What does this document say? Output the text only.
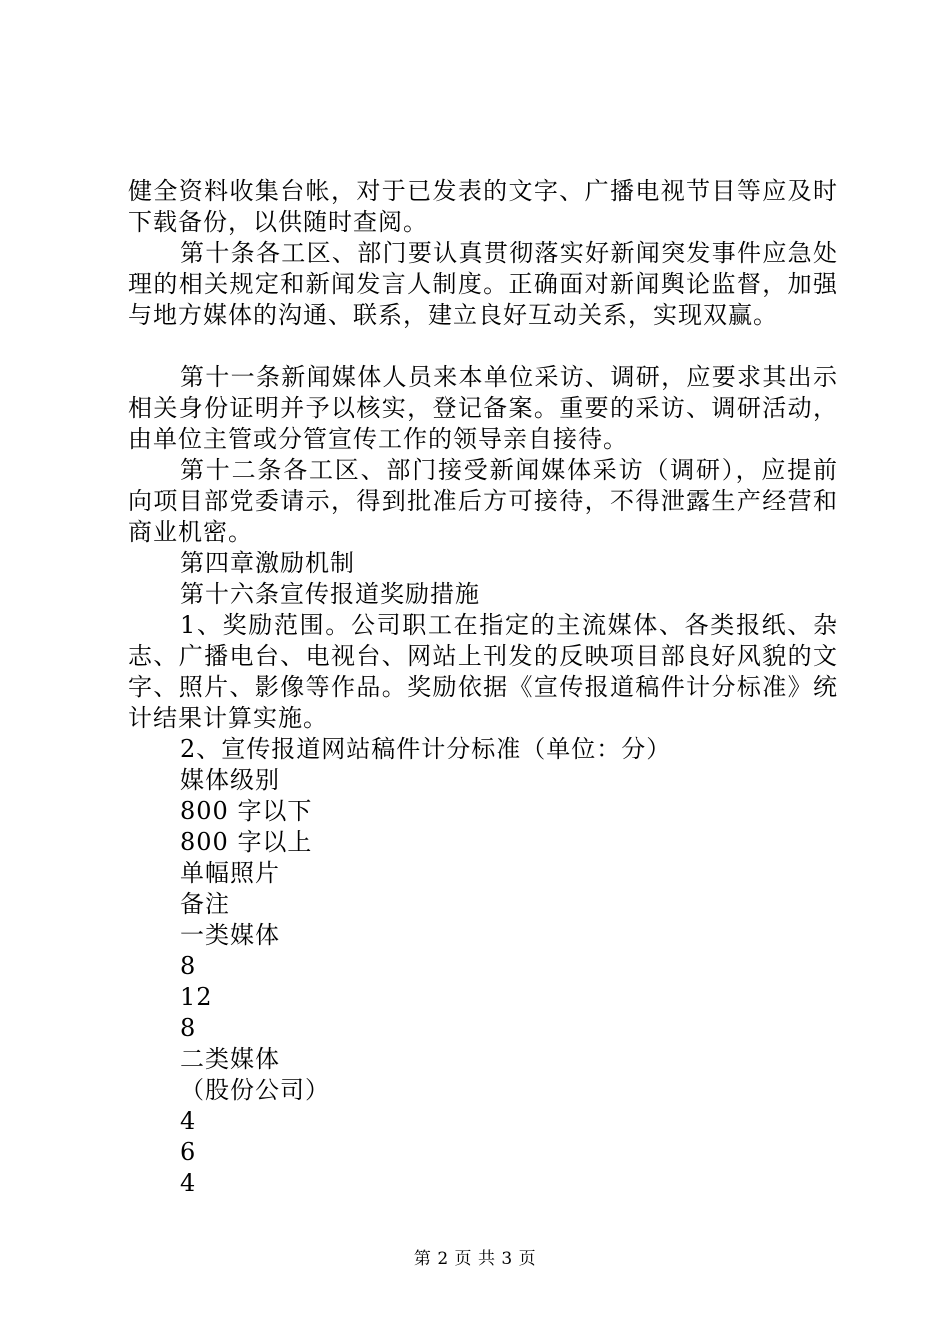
健全资料收集台帐，对于已发表的文字、广播电视节目等应及时下载备份，以供随时查阅。

第十条各工区、部门要认真贯彻落实好新闻突发事件应急处理的相关规定和新闻发言人制度。正确面对新闻舆论监督，加强与地方媒体的沟通、联系，建立良好互动关系，实现双赢。

第十一条新闻媒体人员来本单位采访、调研，应要求其出示相关身份证明并予以核实，登记备案。重要的采访、调研活动，由单位主管或分管宣传工作的领导亲自接待。

第十二条各工区、部门接受新闻媒体采访（调研），应提前向项目部党委请示，得到批准后方可接待，不得泄露生产经营和商业机密。

第四章激励机制

第十六条宣传报道奖励措施

1、奖励范围。公司职工在指定的主流媒体、各类报纸、杂志、广播电台、电视台、网站上刊发的反映项目部良好风貌的文字、照片、影像等作品。奖励依据《宣传报道稿件计分标准》统计结果计算实施。

2、宣传报道网站稿件计分标准（单位：分）

媒体级别
800 字以下
800 字以上
单幅照片
备注
一类媒体
8
12
8
二类媒体
（股份公司）
4
6
4
第 2 页 共 3 页
